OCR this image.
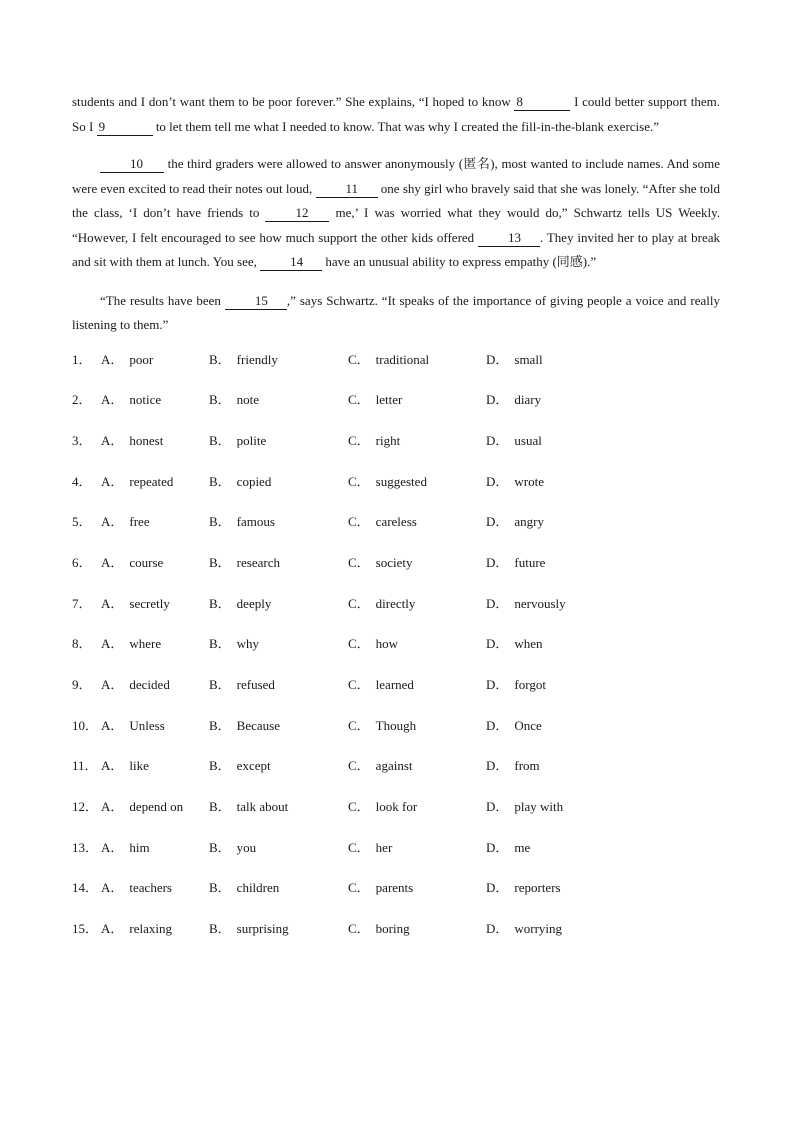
students and I don’t want them to be poor forever.” She explains, “I hoped to know 8	I could better support them. So I 9	to let them tell me what I needed to know. That was why I created the fill-in-the-blank exercise.”

10 the third graders were allowed to answer anonymously (匿名), most wanted to include names. And some were even excited to read their notes out loud, 11 one shy girl who bravely said that she was lonely. “After she told the class, ‘I don’t have friends to 12 me,’ I was worried what they would do,” Schwartz tells US Weekly. “However, I felt encouraged to see how much support the other kids offered 13 . They invited her to play at break and sit with them at lunch. You see, 14 have an unusual ability to express empathy (同感).”

“The results have been 15 ,” says Schwartz. “It speaks of the importance of giving people a voice and really listening to them.”

1． A． poor	B． friendly	C． traditional	D． small
2． A． notice	B． note	C． letter	D． diary
3． A． honest	B． polite	C． right	D． usual
4． A． repeated	B． copied	C． suggested	D． wrote
5． A． free	B． famous	C． careless	D． angry
6． A． course	B． research	C． society	D． future
7． A． secretly	B． deeply	C． directly	D． nervously
8． A． where	B． why	C． how	D． when
9． A． decided	B． refused	C． learned	D． forgot
10． A． Unless	B． Because	C． Though	D． Once
11． A． like	B． except	C． against	D． from
12． A． depend on	B． talk about	C． look for	D． play with
13． A． him	B． you	C． her	D． me
14． A． teachers	B． children	C． parents	D． reporters
15． A． relaxing	B． surprising	C． boring	D． worrying
